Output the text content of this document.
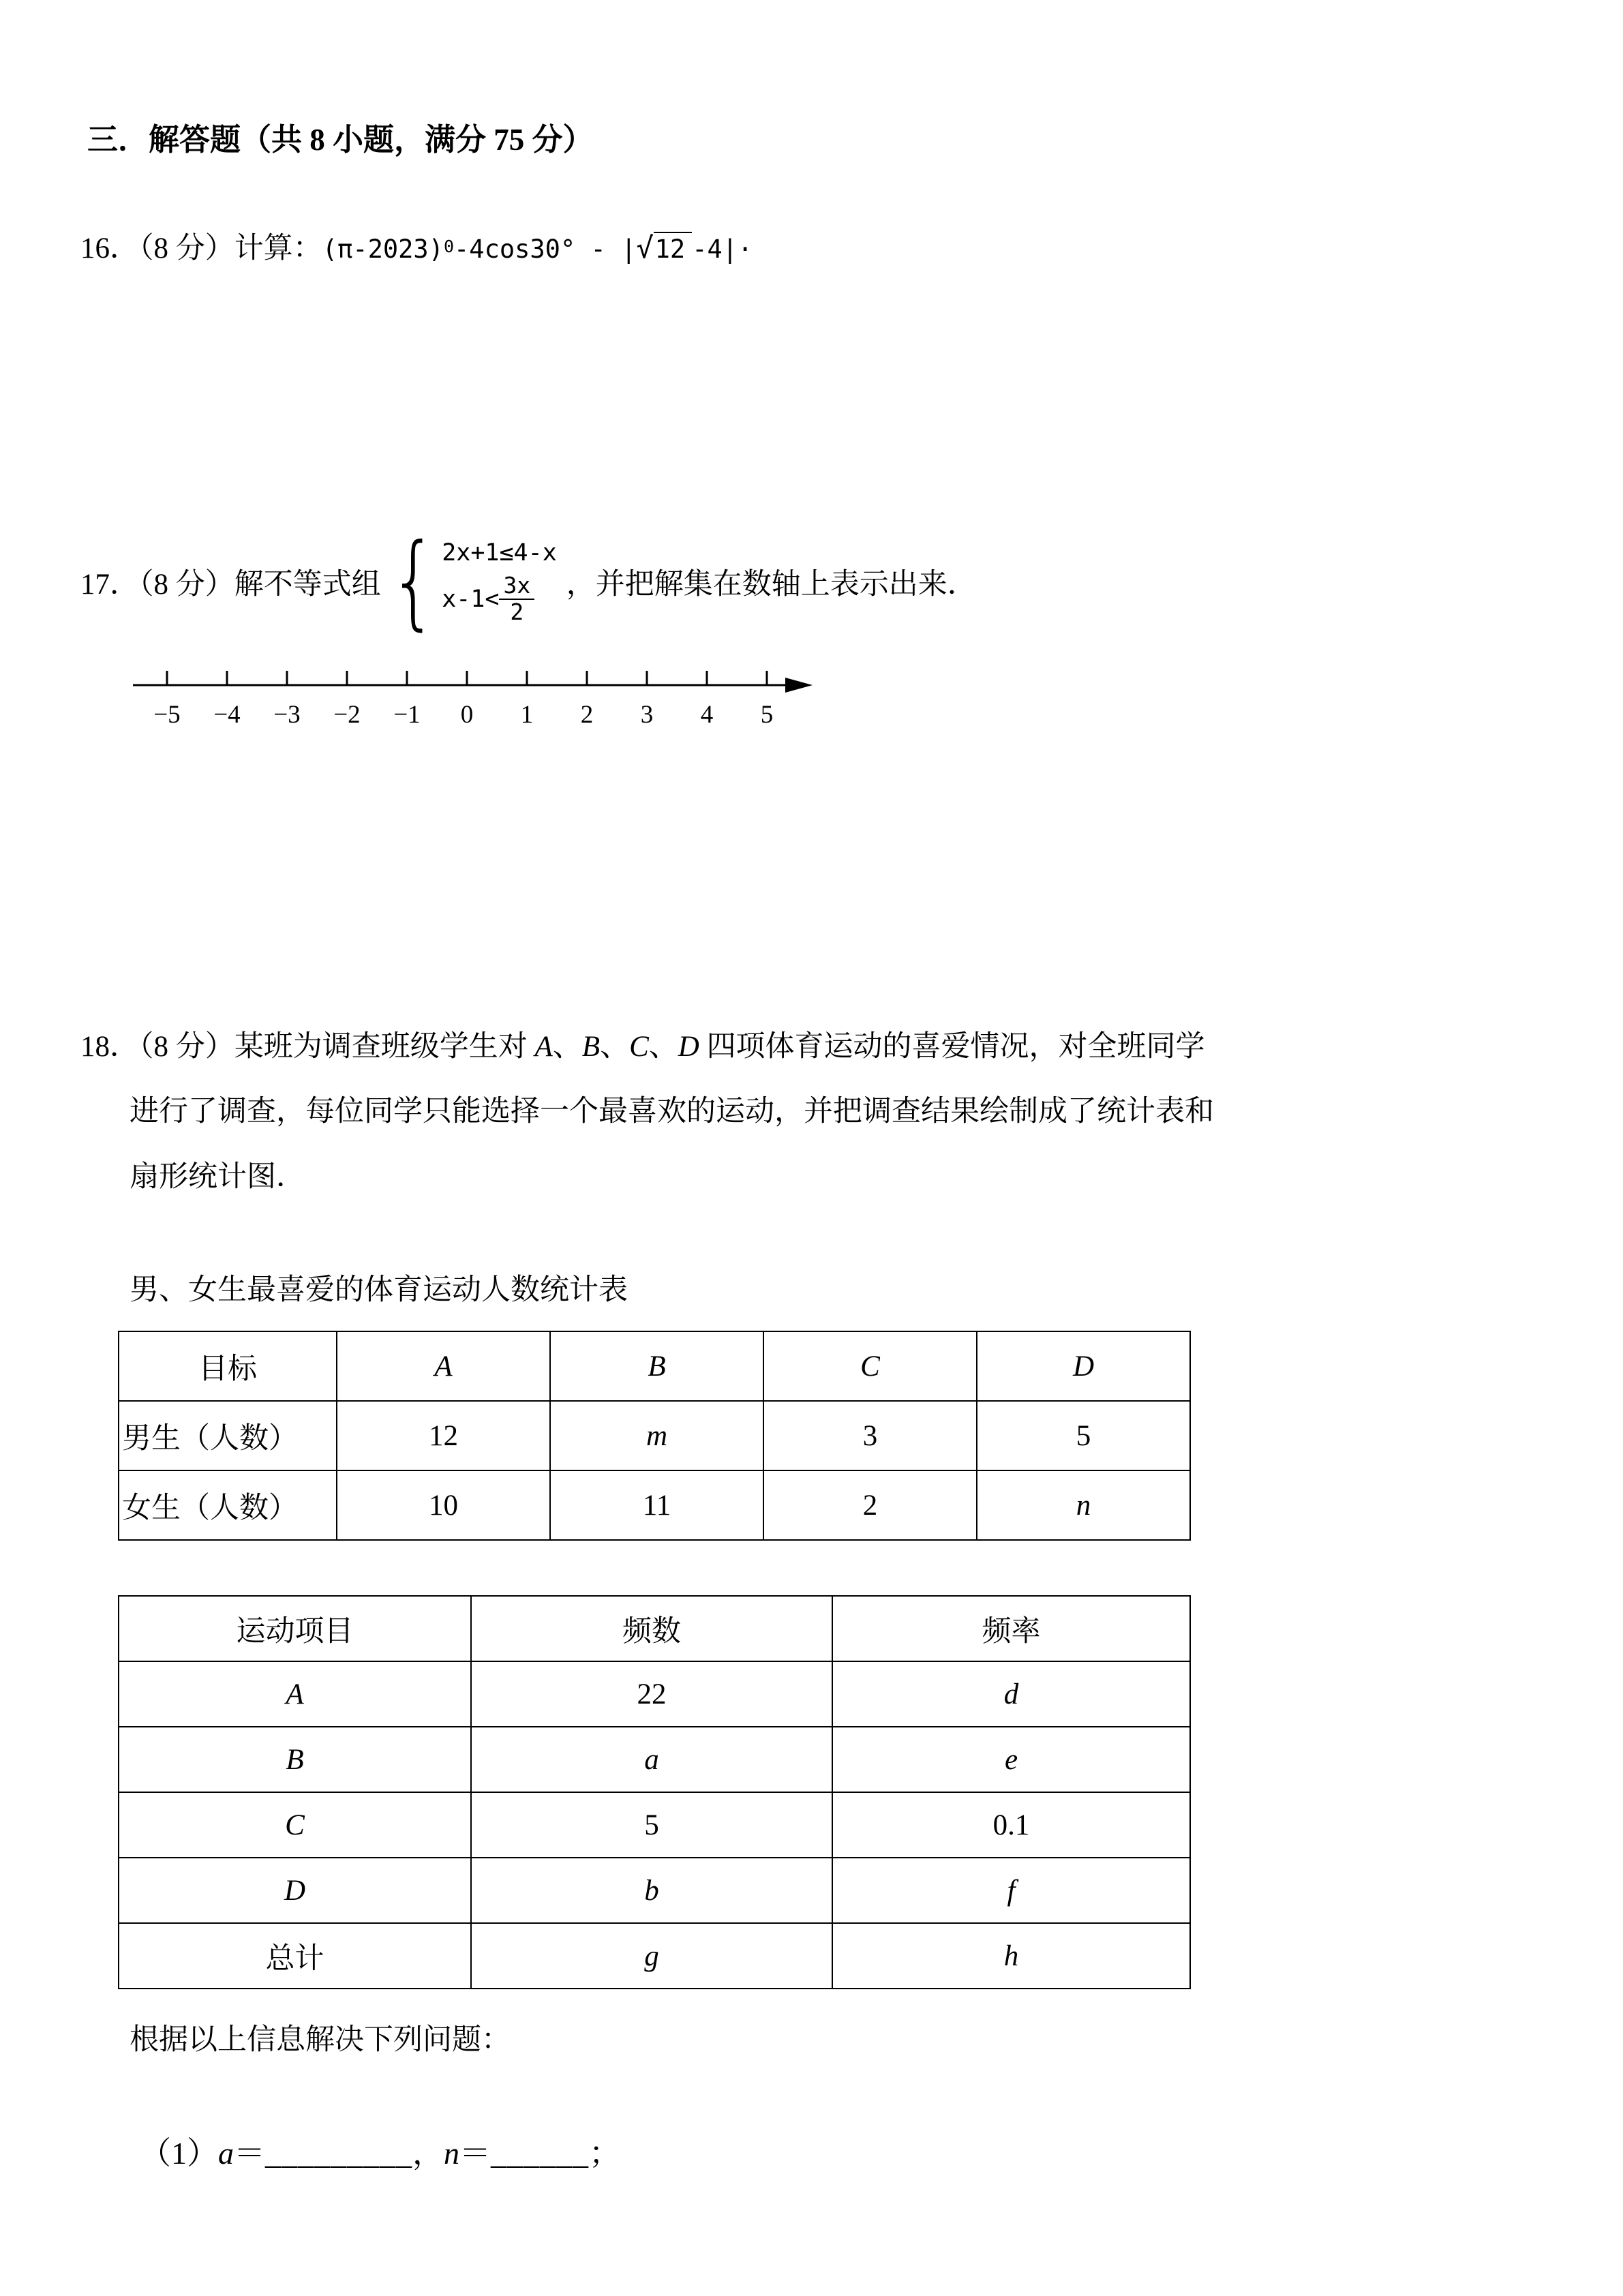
三．解答题（共 8 小题，满分 75 分）
16．（8 分）计算：$(\pi-2023)^0-4\cos 30^\circ - |√12$ -4|·
17．（8 分）解不等式组 { 2x+1≤4-x
$x-1< \frac{3x}{2}$ ，并把解集在数轴上表示出来．
−5 −4 −3 −2 −1 0 1 2 3 4 5
18．（8 分）某班为调查班级学生对 A、B、C、D 四项体育运动的喜爱情况，对全班同学
进行了调查，每位同学只能选择一个最喜欢的运动，并把调查结果绘制成了统计表和
扇形统计图．
男、女生最喜爱的体育运动人数统计表
目标	A	B	C	D
男生（人数）	12	m	3	5
女生（人数）	10	11	2	n
运动项目	频数	频率
A	22	d
B	a	e
C	5	0.1
D	b	f
总计	g	h
根据以上信息解决下列问题：
（1）a＝_________，n＝______；
